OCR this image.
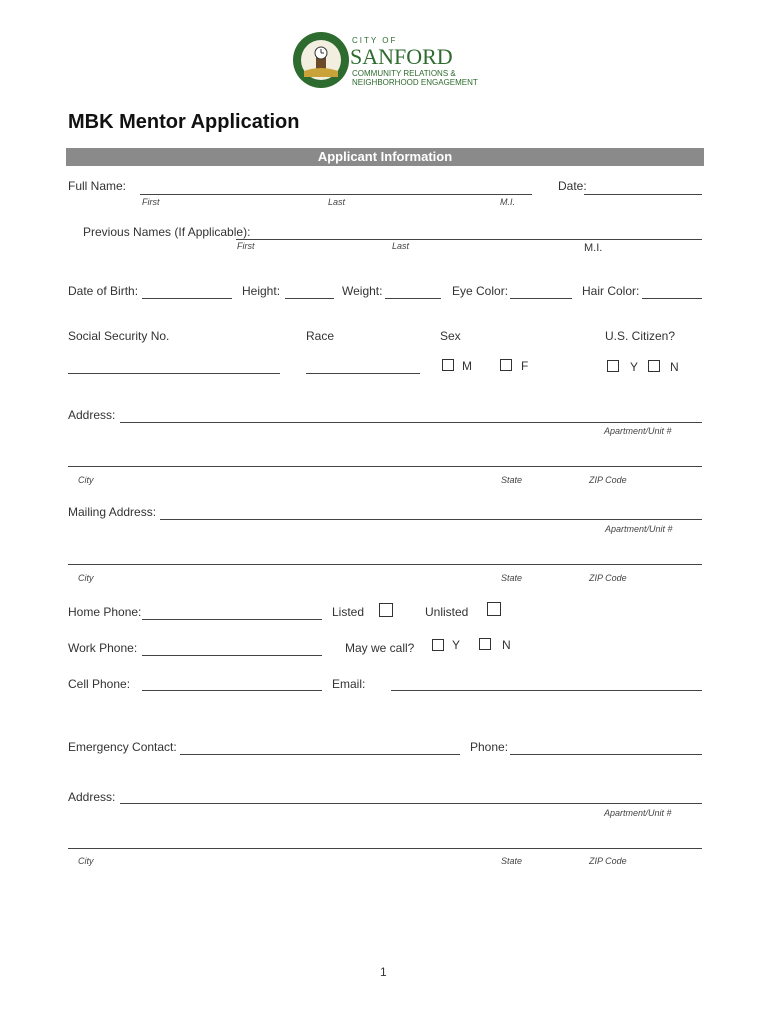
CITY OF
SANFORD
COMMUNITY RELATIONS &
NEIGHBORHOOD ENGAGEMENT
MBK Mentor Application
Applicant Information
Full Name:
First	Last	M.I.
Date:
Previous Names (If Applicable):
First	Last	M.I.
Date of Birth:	Height:	Weight:	Eye Color:	Hair Color:
Social Security No.	Race	Sex
M	F
U.S. Citizen?
Y	N
Address:
Apartment/Unit #
City	State	ZIP Code
Mailing Address:
Apartment/Unit #
City	State	ZIP Code
Home Phone:	Listed	Unlisted
Work Phone:	May we call?	Y	N
Cell Phone:	Email:
Emergency Contact:	Phone:
Address:
Apartment/Unit #
City	State	ZIP Code
1
